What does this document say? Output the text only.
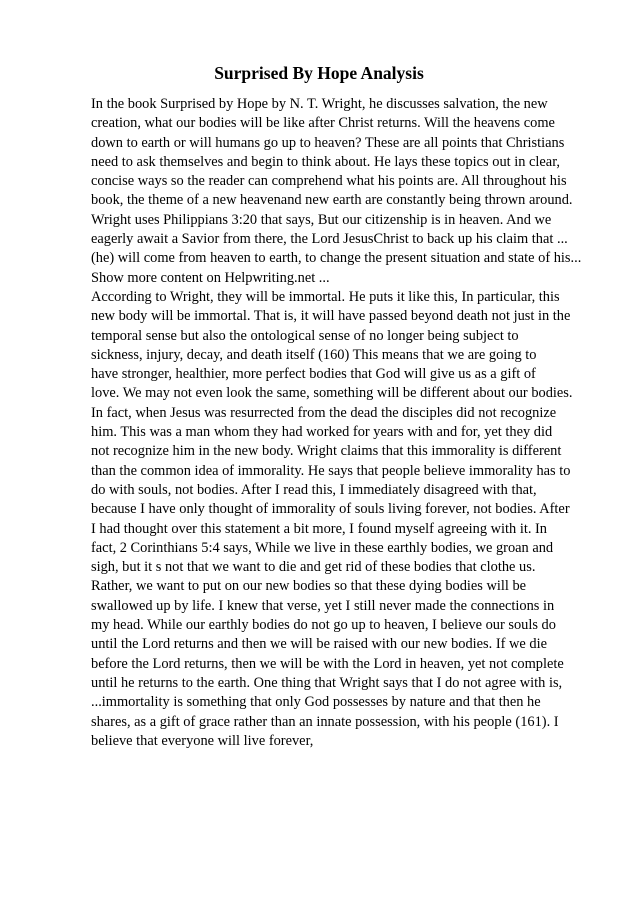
Surprised By Hope Analysis
In the book Surprised by Hope by N. T. Wright, he discusses salvation, the new
creation, what our bodies will be like after Christ returns. Will the heavens come
down to earth or will humans go up to heaven? These are all points that Christians
need to ask themselves and begin to think about. He lays these topics out in clear,
concise ways so the reader can comprehend what his points are. All throughout his
book, the theme of a new heavenand new earth are constantly being thrown around.
Wright uses Philippians 3:20 that says, But our citizenship is in heaven. And we
eagerly await a Savior from there, the Lord JesusChrist to back up his claim that ...
(he) will come from heaven to earth, to change the present situation and state of his...
Show more content on Helpwriting.net ...
According to Wright, they will be immortal. He puts it like this, In particular, this
new body will be immortal. That is, it will have passed beyond death not just in the
temporal sense but also the ontological sense of no longer being subject to
sickness, injury, decay, and death itself (160) This means that we are going to
have stronger, healthier, more perfect bodies that God will give us as a gift of
love. We may not even look the same, something will be different about our bodies.
In fact, when Jesus was resurrected from the dead the disciples did not recognize
him. This was a man whom they had worked for years with and for, yet they did
not recognize him in the new body. Wright claims that this immorality is different
than the common idea of immorality. He says that people believe immorality has to
do with souls, not bodies. After I read this, I immediately disagreed with that,
because I have only thought of immorality of souls living forever, not bodies. After
I had thought over this statement a bit more, I found myself agreeing with it. In
fact, 2 Corinthians 5:4 says, While we live in these earthly bodies, we groan and
sigh, but it s not that we want to die and get rid of these bodies that clothe us.
Rather, we want to put on our new bodies so that these dying bodies will be
swallowed up by life. I knew that verse, yet I still never made the connections in
my head. While our earthly bodies do not go up to heaven, I believe our souls do
until the Lord returns and then we will be raised with our new bodies. If we die
before the Lord returns, then we will be with the Lord in heaven, yet not complete
until he returns to the earth. One thing that Wright says that I do not agree with is,
...immortality is something that only God possesses by nature and that then he
shares, as a gift of grace rather than an innate possession, with his people (161). I
believe that everyone will live forever,
